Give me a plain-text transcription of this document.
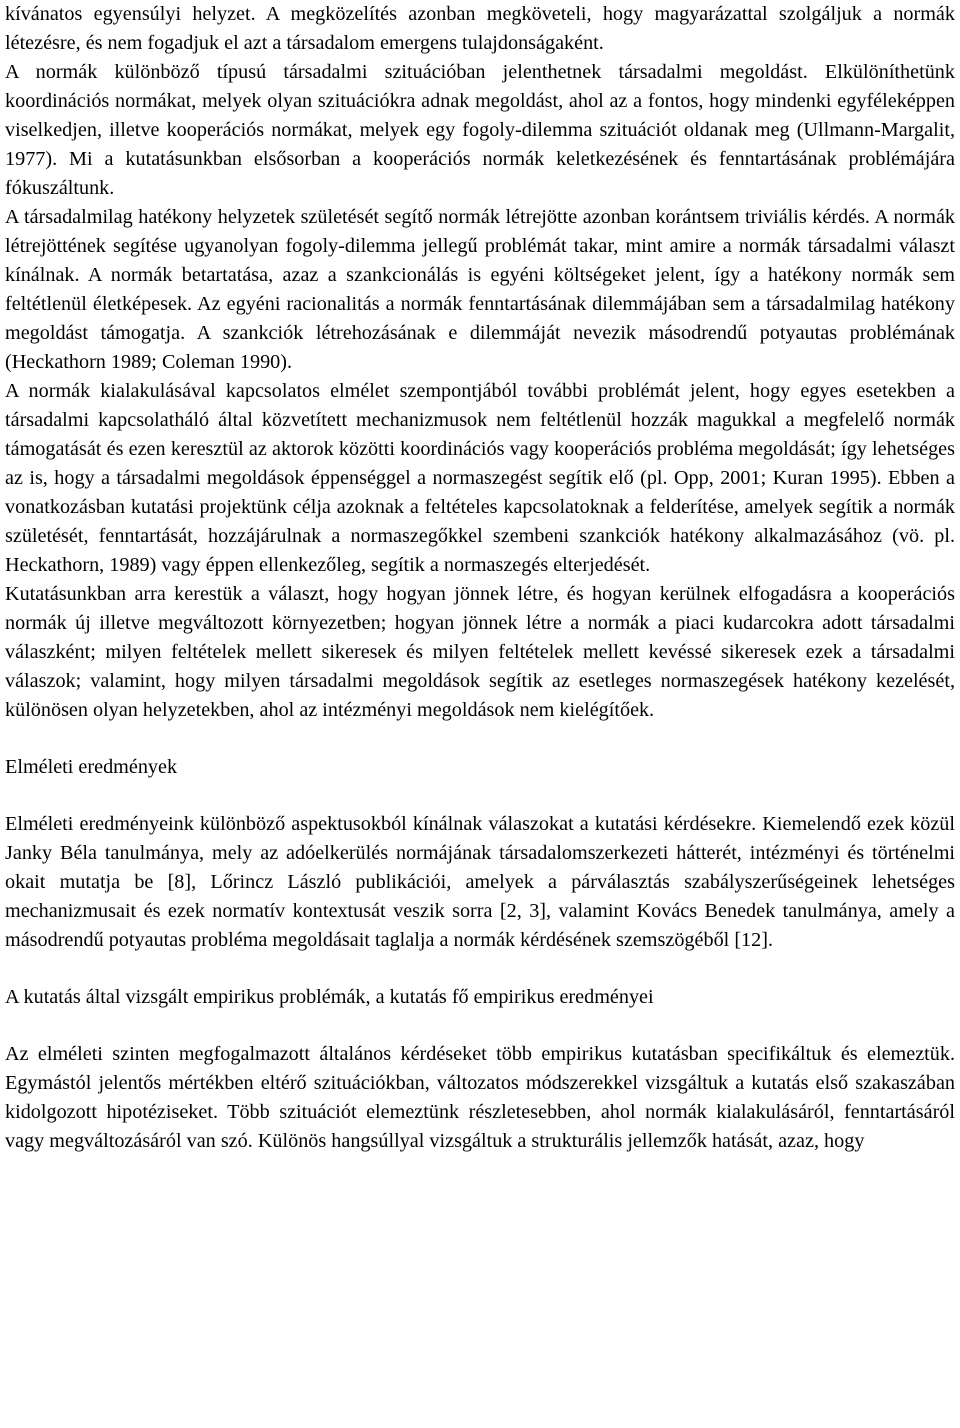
kívánatos egyensúlyi helyzet. A megközelítés azonban megköveteli, hogy magyarázattal szolgáljuk a normák létezésre, és nem fogadjuk el azt a társadalom emergens tulajdonságaként.

A normák különböző típusú társadalmi szituációban jelenthetnek társadalmi megoldást. Elkülöníthetünk koordinációs normákat, melyek olyan szituációkra adnak megoldást, ahol az a fontos, hogy mindenki egyféleképpen viselkedjen, illetve kooperációs normákat, melyek egy fogoly-dilemma szituációt oldanak meg (Ullmann-Margalit, 1977). Mi a kutatásunkban elsősorban a kooperációs normák keletkezésének és fenntartásának problémájára fókuszáltunk.

A társadalmilag hatékony helyzetek születését segítő normák létrejötte azonban korántsem triviális kérdés. A normák létrejöttének segítése ugyanolyan fogoly-dilemma jellegű problémát takar, mint amire a normák társadalmi választ kínálnak. A normák betartatása, azaz a szankcionálás is egyéni költségeket jelent, így a hatékony normák sem feltétlenül életképesek. Az egyéni racionalitás a normák fenntartásának dilemmájában sem a társadalmilag hatékony megoldást támogatja. A szankciók létrehozásának e dilemmáját nevezik másodrendű potyautas problémának (Heckathorn 1989; Coleman 1990).

A normák kialakulásával kapcsolatos elmélet szempontjából további problémát jelent, hogy egyes esetekben a társadalmi kapcsolatháló által közvetített mechanizmusok nem feltétlenül hozzák magukkal a megfelelő normák támogatását és ezen keresztül az aktorok közötti koordinációs vagy kooperációs probléma megoldását; így lehetséges az is, hogy a társadalmi megoldások éppenséggel a normaszegést segítik elő (pl. Opp, 2001; Kuran 1995). Ebben a vonatkozásban kutatási projektünk célja azoknak a feltételes kapcsolatoknak a felderítése, amelyek segítik a normák születését, fenntartását, hozzájárulnak a normaszegőkkel szembeni szankciók hatékony alkalmazásához (vö. pl. Heckathorn, 1989) vagy éppen ellenkezőleg, segítik a normaszegés elterjedését.

Kutatásunkban arra kerestük a választ, hogy hogyan jönnek létre, és hogyan kerülnek elfogadásra a kooperációs normák új illetve megváltozott környezetben; hogyan jönnek létre a normák a piaci kudarcokra adott társadalmi válaszként; milyen feltételek mellett sikeresek és milyen feltételek mellett kevéssé sikeresek ezek a társadalmi válaszok; valamint, hogy milyen társadalmi megoldások segítik az esetleges normaszegések hatékony kezelését, különösen olyan helyzetekben, ahol az intézményi megoldások nem kielégítőek.

Elméleti eredmények

Elméleti eredményeink különböző aspektusokból kínálnak válaszokat a kutatási kérdésekre. Kiemelendő ezek közül Janky Béla tanulmánya, mely az adóelkerülés normájának társadalomszerkezeti hátterét, intézményi és történelmi okait mutatja be [8], Lőrincz László publikációi, amelyek a párválasztás szabályszerűségeinek lehetséges mechanizmusait és ezek normatív kontextusát veszik sorra [2, 3], valamint Kovács Benedek tanulmánya, amely a másodrendű potyautas probléma megoldásait taglalja a normák kérdésének szemszögéből [12].

A kutatás által vizsgált empirikus problémák, a kutatás fő empirikus eredményei

Az elméleti szinten megfogalmazott általános kérdéseket több empirikus kutatásban specifikáltuk és elemeztük. Egymástól jelentős mértékben eltérő szituációkban, változatos módszerekkel vizsgáltuk a kutatás első szakaszában kidolgozott hipotéziseket. Több szituációt elemeztünk részletesebben, ahol normák kialakulásáról, fenntartásáról vagy megváltozásáról van szó. Különös hangsúllyal vizsgáltuk a strukturális jellemzők hatását, azaz, hogy
